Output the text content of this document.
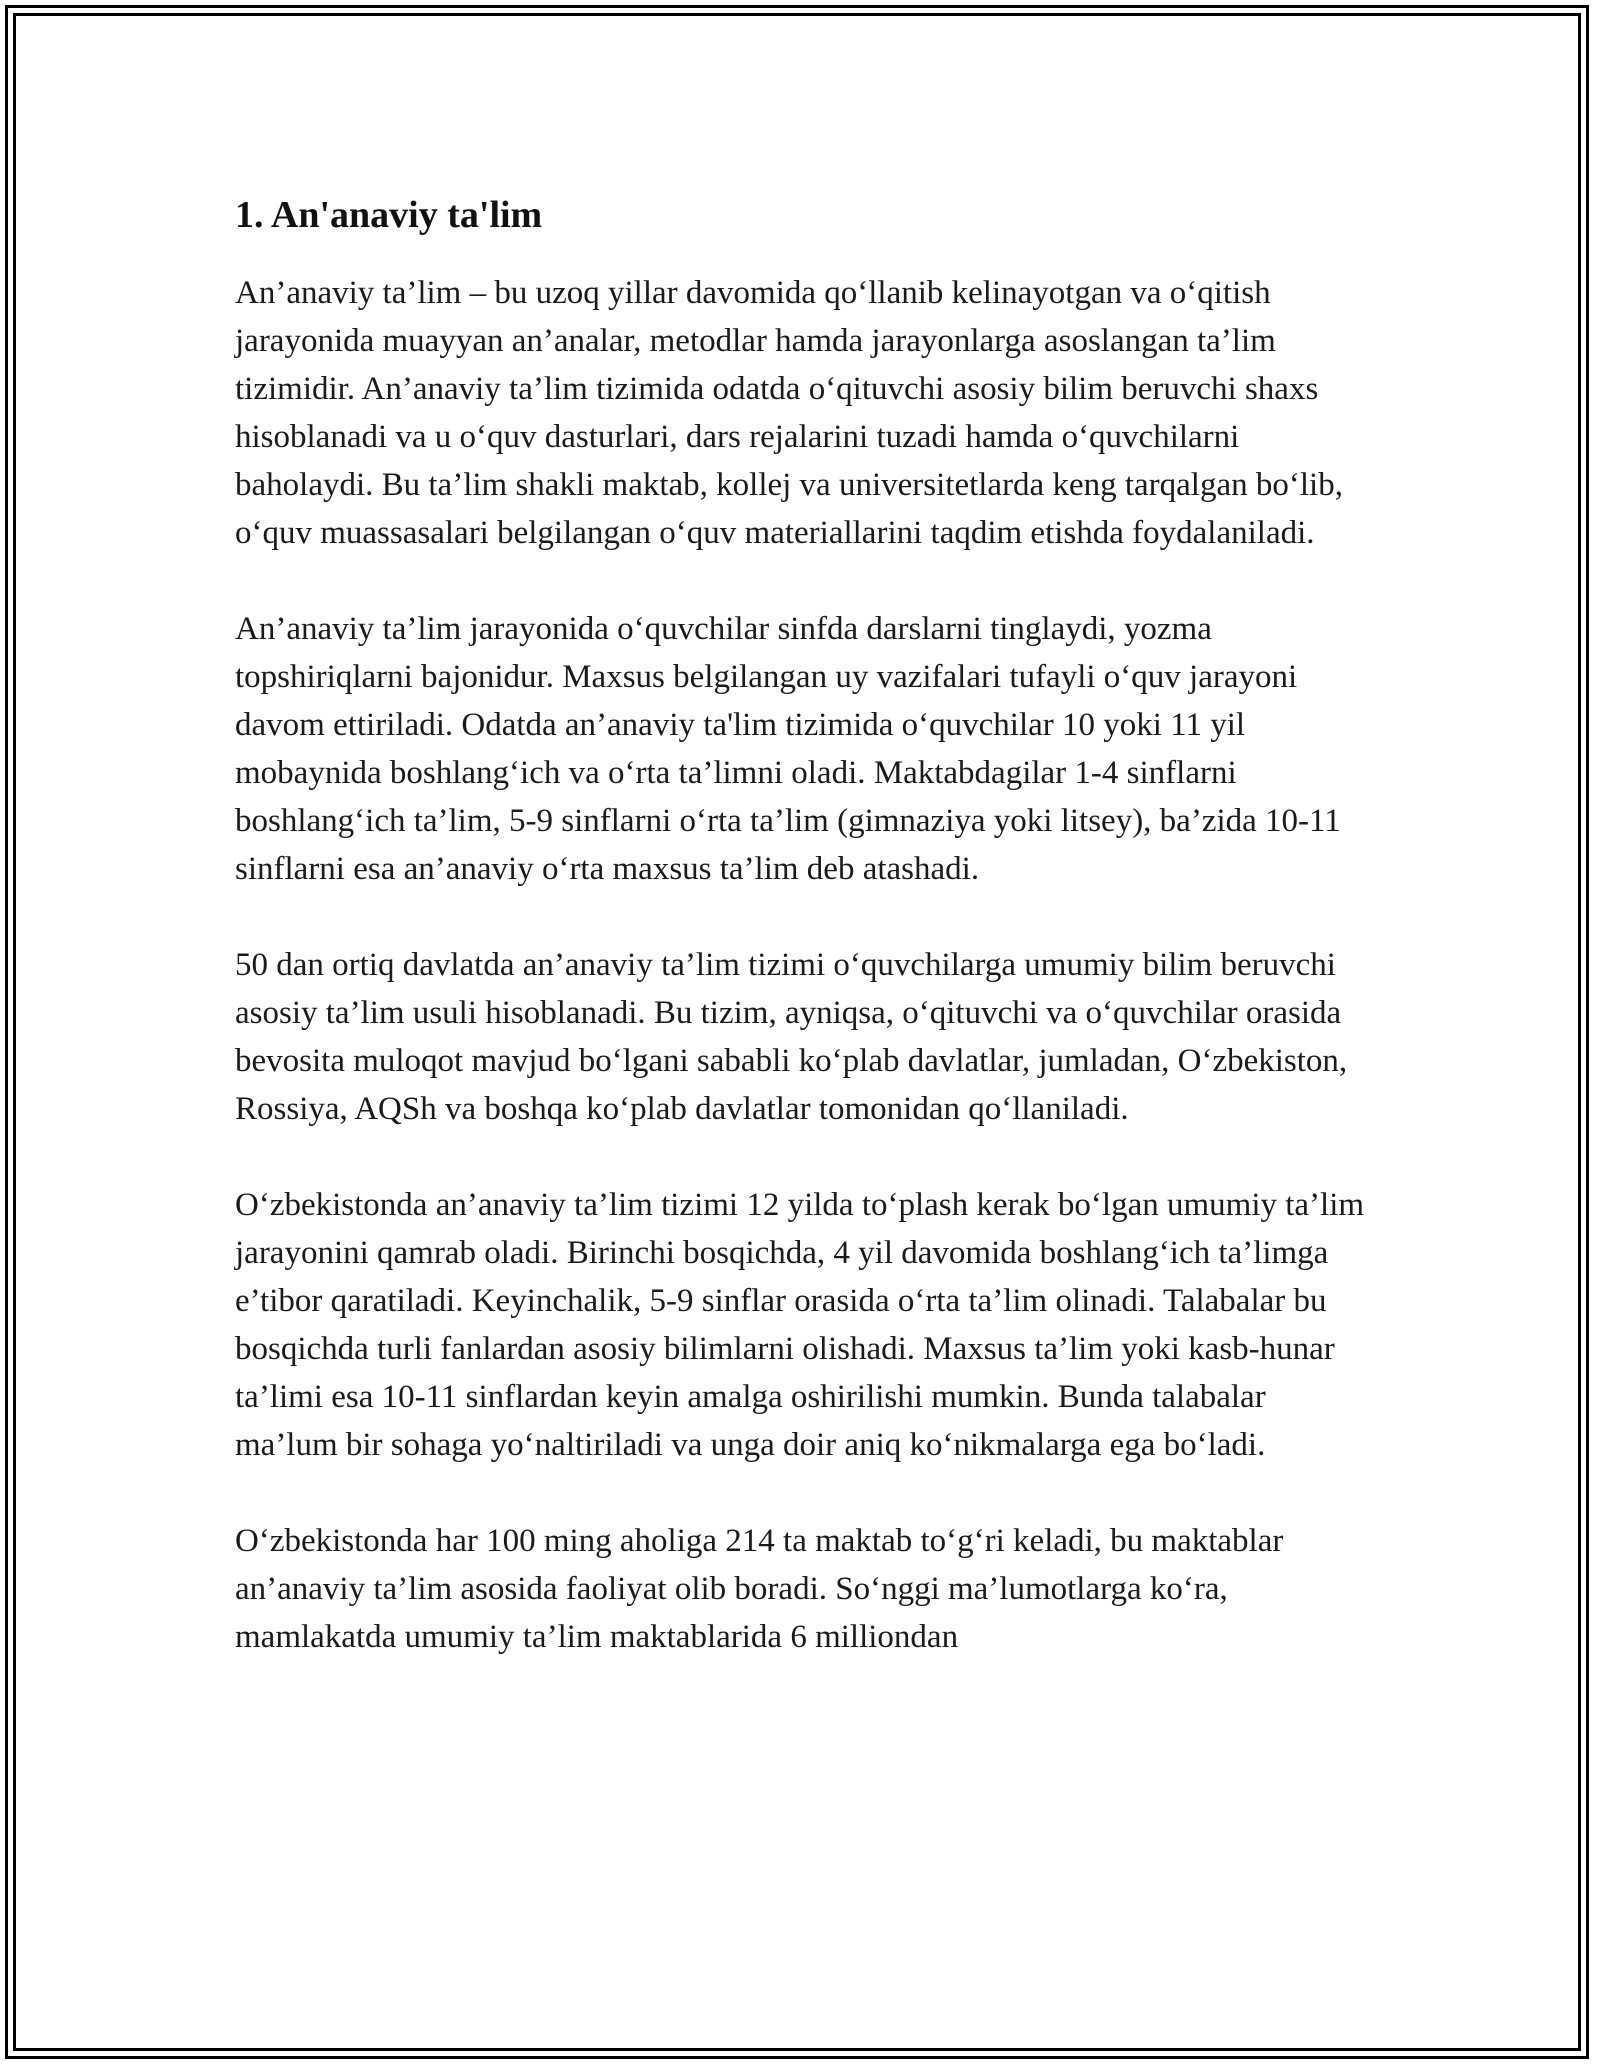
1. An'anaviy ta'lim

An’anaviy ta’lim – bu uzoq yillar davomida qo‘llanib kelinayotgan va o‘qitish jarayonida muayyan an’analar, metodlar hamda jarayonlarga asoslangan ta’lim tizimidir. An’anaviy ta’lim tizimida odatda o‘qituvchi asosiy bilim beruvchi shaxs hisoblanadi va u o‘quv dasturlari, dars rejalarini tuzadi hamda o‘quvchilarni baholaydi. Bu ta’lim shakli maktab, kollej va universitetlarda keng tarqalgan bo‘lib, o‘quv muassasalari belgilangan o‘quv materiallarini taqdim etishda foydalaniladi.

An’anaviy ta’lim jarayonida o‘quvchilar sinfda darslarni tinglaydi, yozma topshiriqlarni bajonidur. Maxsus belgilangan uy vazifalari tufayli o‘quv jarayoni davom ettiriladi. Odatda an’anaviy ta'lim tizimida o‘quvchilar 10 yoki 11 yil mobaynida boshlang‘ich va o‘rta ta’limni oladi. Maktabdagilar 1-4 sinflarni boshlang‘ich ta’lim, 5-9 sinflarni o‘rta ta’lim (gimnaziya yoki litsey), ba’zida 10-11 sinflarni esa an’anaviy o‘rta maxsus ta’lim deb atashadi.

50 dan ortiq davlatda an’anaviy ta’lim tizimi o‘quvchilarga umumiy bilim beruvchi asosiy ta’lim usuli hisoblanadi. Bu tizim, ayniqsa, o‘qituvchi va o‘quvchilar orasida bevosita muloqot mavjud bo‘lgani sababli ko‘plab davlatlar, jumladan, O‘zbekiston, Rossiya, AQSh va boshqa ko‘plab davlatlar tomonidan qo‘llaniladi.

O‘zbekistonda an’anaviy ta’lim tizimi 12 yilda to‘plash kerak bo‘lgan umumiy ta’lim jarayonini qamrab oladi. Birinchi bosqichda, 4 yil davomida boshlang‘ich ta’limga e’tibor qaratiladi. Keyinchalik, 5-9 sinflar orasida o‘rta ta’lim olinadi. Talabalar bu bosqichda turli fanlardan asosiy bilimlarni olishadi. Maxsus ta’lim yoki kasb-hunar ta’limi esa 10-11 sinflardan keyin amalga oshirilishi mumkin. Bunda talabalar ma’lum bir sohaga yo‘naltiriladi va unga doir aniq ko‘nikmalarga ega bo‘ladi.

O‘zbekistonda har 100 ming aholiga 214 ta maktab to‘g‘ri keladi, bu maktablar an’anaviy ta’lim asosida faoliyat olib boradi. So‘nggi ma’lumotlarga ko‘ra, mamlakatda umumiy ta’lim maktablarida 6 milliondan
